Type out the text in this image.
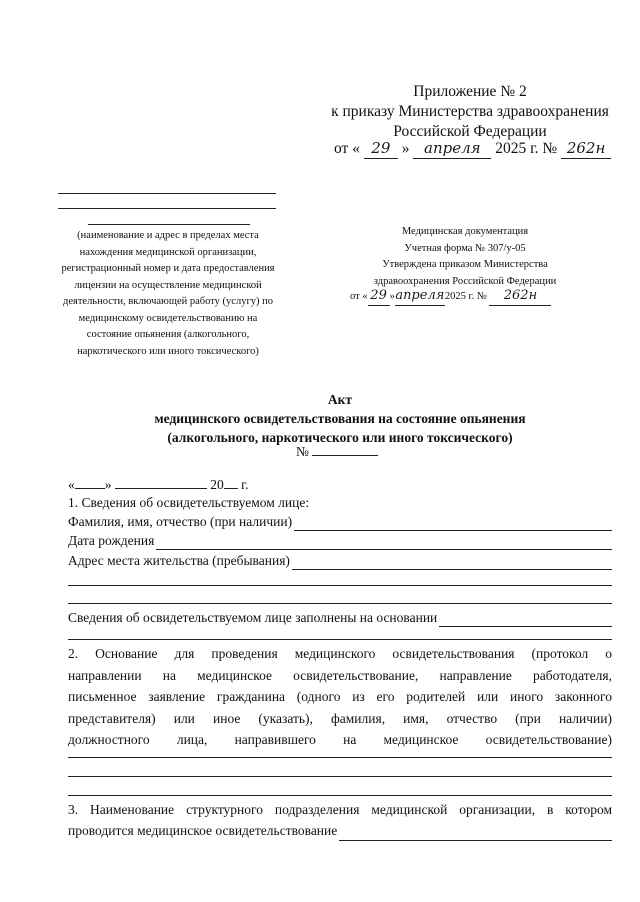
Приложение № 2
к приказу Министерства здравоохранения
Российской Федерации
от « 29 » апреля 2025 г. № 262н
(наименование и адрес в пределах места нахождения медицинской организации, регистрационный номер и дата предоставления лицензии на осуществление медицинской деятельности, включающей работу (услугу) по медицинскому освидетельствованию на состояние опьянения (алкогольного, наркотического или иного токсического)
Медицинская документация
Учетная форма № 307/у-05
Утверждена приказом Министерства
здравоохранения Российской Федерации
от « 29 »апреля2025 г. № 262н
Акт
медицинского освидетельствования на состояние опьянения
(алкогольного, наркотического или иного токсического)
№
« »	20 г.
1. Сведения об освидетельствуемом лице:
Фамилия, имя, отчество (при наличии)
Дата рождения
Адрес места жительства (пребывания)
Сведения об освидетельствуемом лице заполнены на основании
2. Основание для проведения медицинского освидетельствования (протокол о
направлении на медицинское освидетельствование, направление работодателя,
письменное заявление гражданина (одного из его родителей или иного законного
представителя) или иное (указать), фамилия, имя, отчество (при наличии)
должностного лица, направившего на медицинское освидетельствование)
3. Наименование структурного подразделения медицинской организации, в котором
проводится медицинское освидетельствование
